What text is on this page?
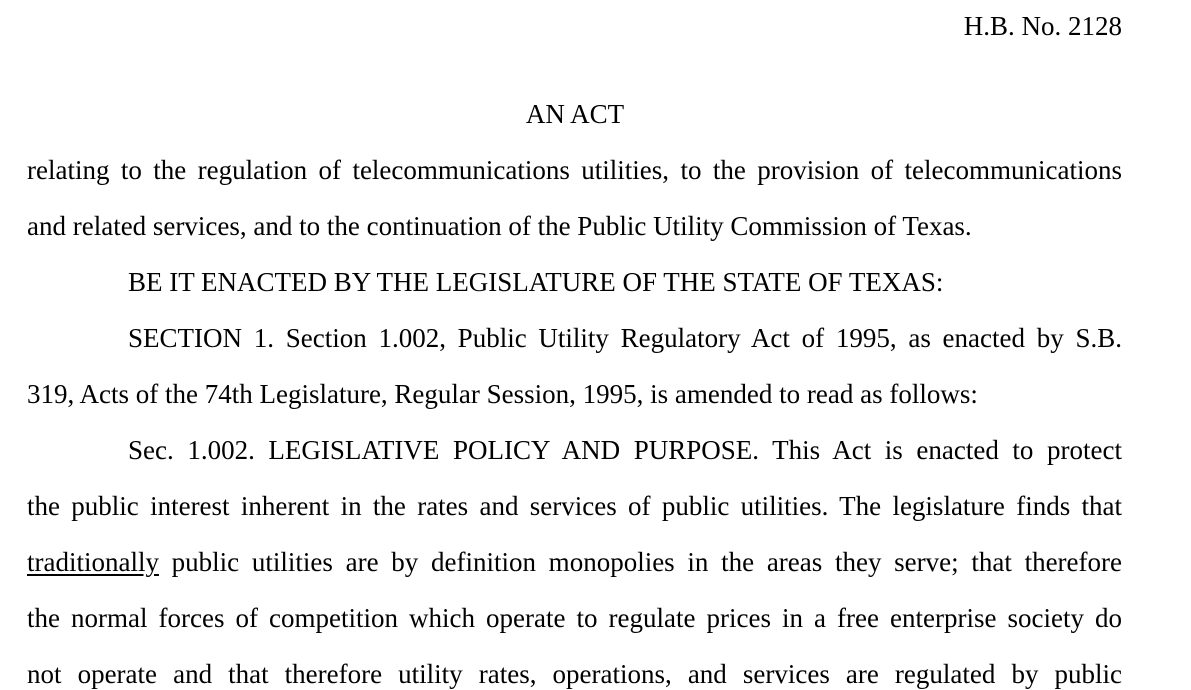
H.B. No. 2128
AN ACT
relating to the regulation of telecommunications utilities, to the provision of telecommunications
and related services, and to the continuation of the Public Utility Commission of Texas.
BE IT ENACTED BY THE LEGISLATURE OF THE STATE OF TEXAS:
SECTION 1. Section 1.002, Public Utility Regulatory Act of 1995, as enacted by S.B.
319, Acts of the 74th Legislature, Regular Session, 1995, is amended to read as follows:
Sec. 1.002. LEGISLATIVE POLICY AND PURPOSE. This Act is enacted to protect
the public interest inherent in the rates and services of public utilities. The legislature finds that
traditionally public utilities are by definition monopolies in the areas they serve; that therefore
the normal forces of competition which operate to regulate prices in a free enterprise society do
not operate and that therefore utility rates, operations, and services are regulated by public
